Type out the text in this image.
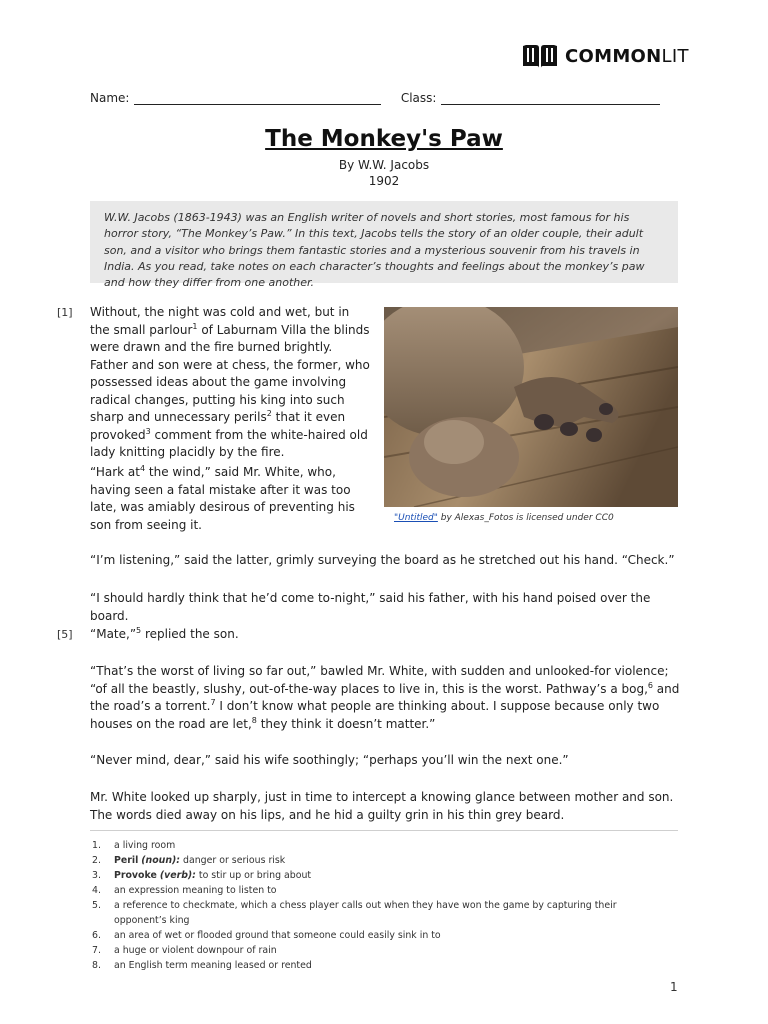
COMMONLIT
Name:	Class:
The Monkey's Paw
By W.W. Jacobs
1902
W.W. Jacobs (1863-1943) was an English writer of novels and short stories, most famous for his horror story, “The Monkey’s Paw.” In this text, Jacobs tells the story of an older couple, their adult son, and a visitor who brings them fantastic stories and a mysterious souvenir from his travels in India. As you read, take notes on each character’s thoughts and feelings about the monkey’s paw and how they differ from one another.
[1] Without, the night was cold and wet, but in the small parlour$^1$ of Laburnam Villa the blinds were drawn and the fire burned brightly. Father and son were at chess, the former, who possessed ideas about the game involving radical changes, putting his king into such sharp and unnecessary perils$^2$ that it even provoked$^3$ comment from the white-haired old lady knitting placidly by the fire.
“Hark $at^4$ the wind,” said Mr. White, who, having seen a fatal mistake after it was too late, was amiably desirous of preventing his son from seeing it.	"Untitled" by Alexas_Fotos is licensed under CC0
“I’m listening,” said the latter, grimly surveying the board as he stretched out his hand. “Check.”
“I should hardly think that he’d come to-night,” said his father, with his hand poised over the board.
[5] “Mate,”$^5$ replied the son.
“That’s the worst of living so far out,” bawled Mr. White, with sudden and unlooked-for violence; “of all the beastly, slushy, out-of-the-way places to live in, this is the worst. Pathway’s a bog,$^6$ and the road’s a torrent.$^7$ I don’t know what people are thinking about. I suppose because only two houses on the road are let,$^8$ they think it doesn’t matter.”
“Never mind, dear,” said his wife soothingly; “perhaps you’ll win the next one.”
Mr. White looked up sharply, just in time to intercept a knowing glance between mother and son. The words died away on his lips, and he hid a guilty grin in his thin grey beard.
1.	a living room
2.	Peril (noun): danger or serious risk
3.	Provoke (verb): to stir up or bring about
4.	an expression meaning to listen to
5.	a reference to checkmate, which a chess player calls out when they have won the game by capturing their opponent’s king
6.	an area of wet or flooded ground that someone could easily sink in to
7.	a huge or violent downpour of rain
8.	an English term meaning leased or rented
1
